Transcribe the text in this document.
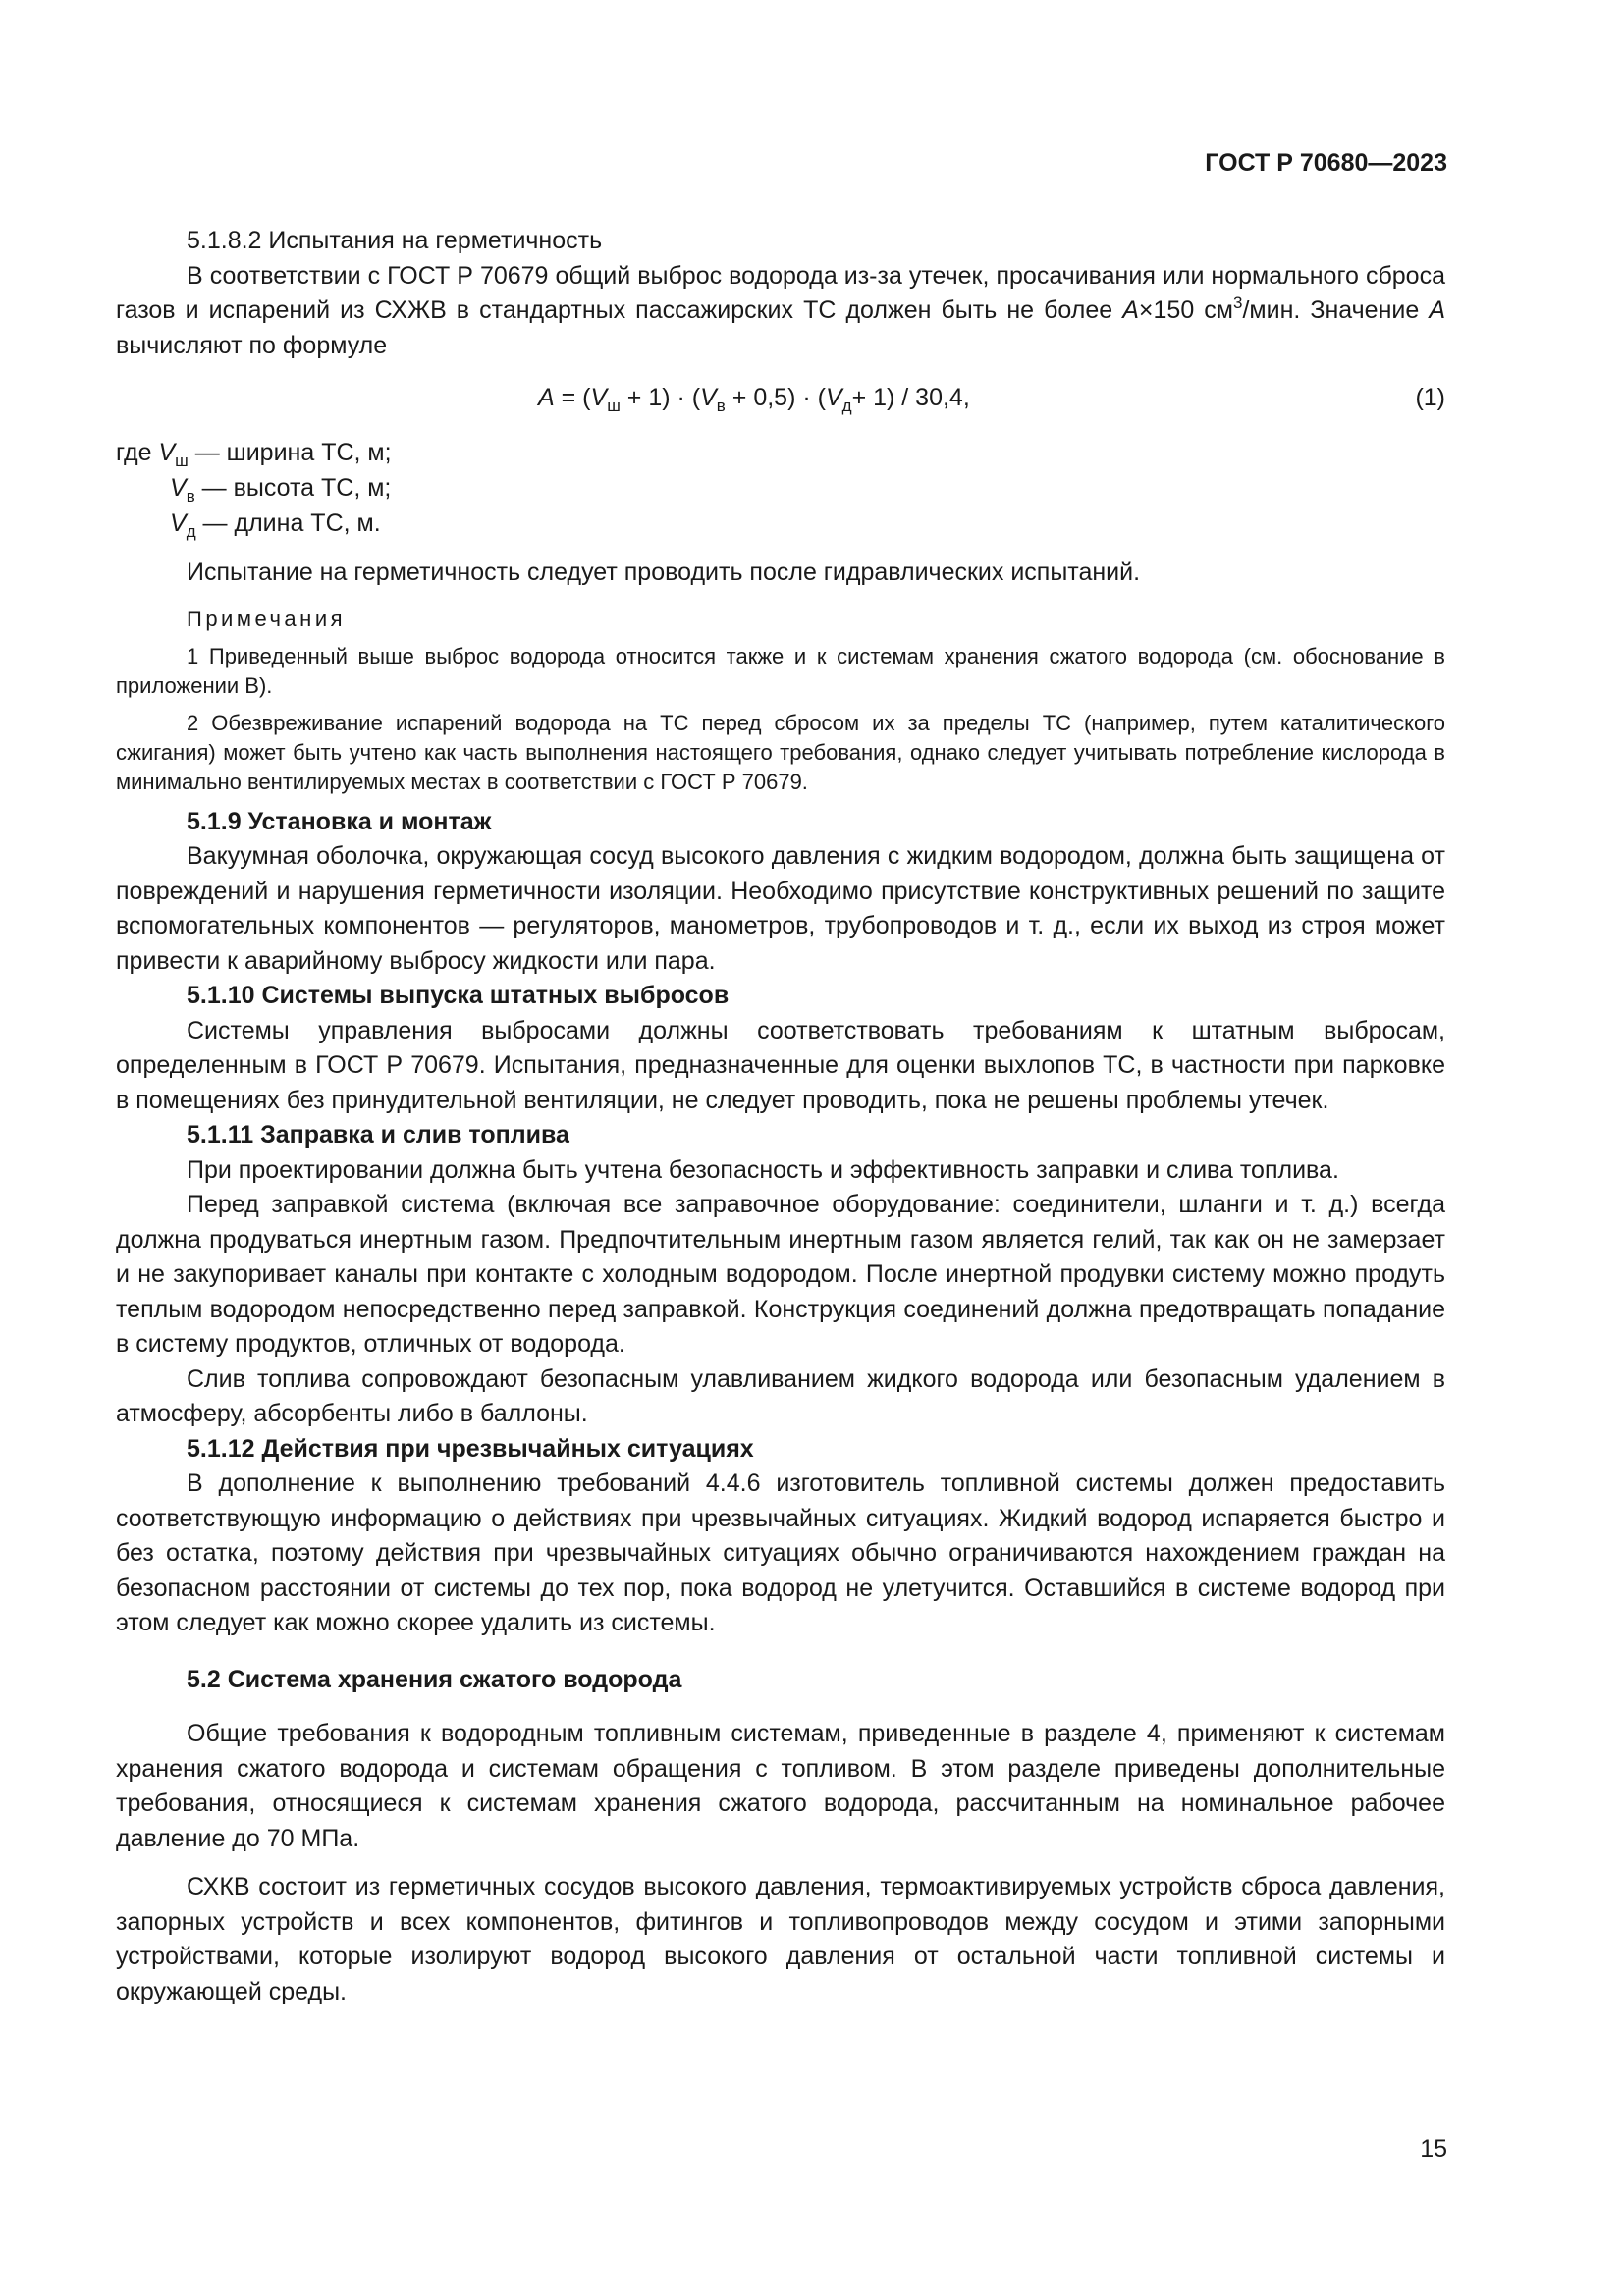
ГОСТ Р 70680—2023

5.1.8.2 Испытания на герметичность

В соответствии с ГОСТ Р 70679 общий выброс водорода из-за утечек, просачивания или нормального сброса газов и испарений из СХЖВ в стандартных пассажирских ТС должен быть не более A×150 $см^3$/мин. Значение A вычисляют по формуле

$A = (V_ш + 1) \cdot (V_в + 0,5) \cdot (V_д+ 1) / 30,4$,	(1)
где $V_ш$ — ширина ТС, м;
$V_в$ — высота ТС, м;
$V_д$ — длина ТС, м.

Испытание на герметичность следует проводить после гидравлических испытаний.

Примечания

1 Приведенный выше выброс водорода относится также и к системам хранения сжатого водорода (см. обоснование в приложении В).

2 Обезвреживание испарений водорода на ТС перед сбросом их за пределы ТС (например, путем каталитического сжигания) может быть учтено как часть выполнения настоящего требования, однако следует учитывать потребление кислорода в минимально вентилируемых местах в соответствии с ГОСТ Р 70679.

5.1.9 Установка и монтаж

Вакуумная оболочка, окружающая сосуд высокого давления с жидким водородом, должна быть защищена от повреждений и нарушения герметичности изоляции. Необходимо присутствие конструктивных решений по защите вспомогательных компонентов — регуляторов, манометров, трубопроводов и т. д., если их выход из строя может привести к аварийному выбросу жидкости или пара.

5.1.10 Системы выпуска штатных выбросов

Системы управления выбросами должны соответствовать требованиям к штатным выбросам, определенным в ГОСТ Р 70679. Испытания, предназначенные для оценки выхлопов ТС, в частности при парковке в помещениях без принудительной вентиляции, не следует проводить, пока не решены проблемы утечек.

5.1.11 Заправка и слив топлива

При проектировании должна быть учтена безопасность и эффективность заправки и слива топлива.

Перед заправкой система (включая все заправочное оборудование: соединители, шланги и т. д.) всегда должна продуваться инертным газом. Предпочтительным инертным газом является гелий, так как он не замерзает и не закупоривает каналы при контакте с холодным водородом. После инертной продувки систему можно продуть теплым водородом непосредственно перед заправкой. Конструкция соединений должна предотвращать попадание в систему продуктов, отличных от водорода.

Слив топлива сопровождают безопасным улавливанием жидкого водорода или безопасным удалением в атмосферу, абсорбенты либо в баллоны.

5.1.12 Действия при чрезвычайных ситуациях

В дополнение к выполнению требований 4.4.6 изготовитель топливной системы должен предоставить соответствующую информацию о действиях при чрезвычайных ситуациях. Жидкий водород испаряется быстро и без остатка, поэтому действия при чрезвычайных ситуациях обычно ограничиваются нахождением граждан на безопасном расстоянии от системы до тех пор, пока водород не улетучится. Оставшийся в системе водород при этом следует как можно скорее удалить из системы.

5.2 Система хранения сжатого водорода

Общие требования к водородным топливным системам, приведенные в разделе 4, применяют к системам хранения сжатого водорода и системам обращения с топливом. В этом разделе приведены дополнительные требования, относящиеся к системам хранения сжатого водорода, рассчитанным на номинальное рабочее давление до 70 МПа.

СХКВ состоит из герметичных сосудов высокого давления, термоактивируемых устройств сброса давления, запорных устройств и всех компонентов, фитингов и топливопроводов между сосудом и этими запорными устройствами, которые изолируют водород высокого давления от остальной части топливной системы и окружающей среды.

15
